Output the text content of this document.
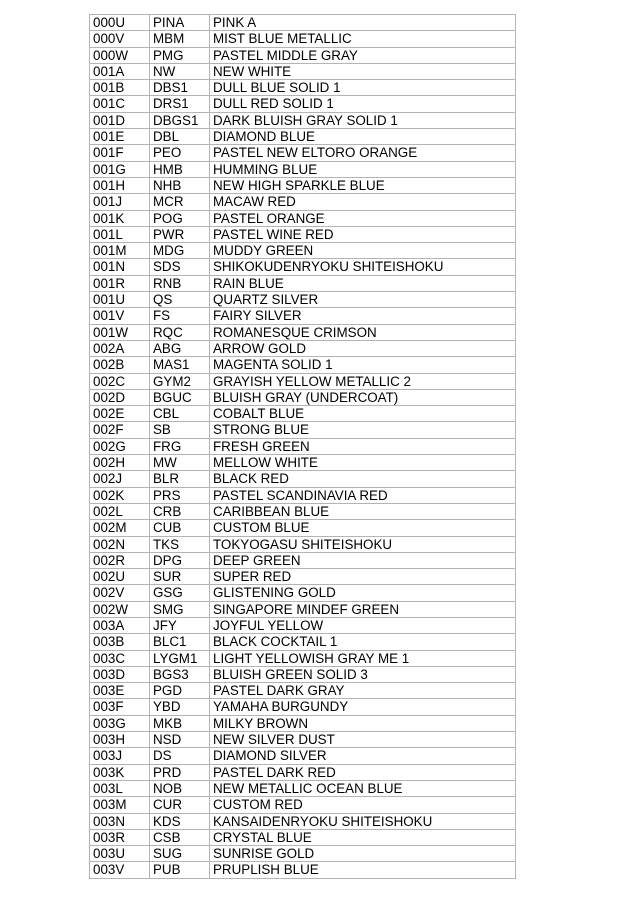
000U	PINA	PINK A
000V	MBM	MIST BLUE METALLIC
000W	PMG	PASTEL MIDDLE GRAY
001A	NW	NEW WHITE
001B	DBS1	DULL BLUE SOLID 1
001C	DRS1	DULL RED SOLID 1
001D	DBGS1	DARK BLUISH GRAY SOLID 1
001E	DBL	DIAMOND BLUE
001F	PEO	PASTEL NEW ELTORO ORANGE
001G	HMB	HUMMING BLUE
001H	NHB	NEW HIGH SPARKLE BLUE
001J	MCR	MACAW RED
001K	POG	PASTEL ORANGE
001L	PWR	PASTEL WINE RED
001M	MDG	MUDDY GREEN
001N	SDS	SHIKOKUDENRYOKU SHITEISHOKU
001R	RNB	RAIN BLUE
001U	QS	QUARTZ SILVER
001V	FS	FAIRY SILVER
001W	RQC	ROMANESQUE CRIMSON
002A	ABG	ARROW GOLD
002B	MAS1	MAGENTA SOLID 1
002C	GYM2	GRAYISH YELLOW METALLIC 2
002D	BGUC	BLUISH GRAY (UNDERCOAT)
002E	CBL	COBALT BLUE
002F	SB	STRONG BLUE
002G	FRG	FRESH GREEN
002H	MW	MELLOW WHITE
002J	BLR	BLACK RED
002K	PRS	PASTEL SCANDINAVIA RED
002L	CRB	CARIBBEAN BLUE
002M	CUB	CUSTOM BLUE
002N	TKS	TOKYOGASU SHITEISHOKU
002R	DPG	DEEP GREEN
002U	SUR	SUPER RED
002V	GSG	GLISTENING GOLD
002W	SMG	SINGAPORE MINDEF GREEN
003A	JFY	JOYFUL YELLOW
003B	BLC1	BLACK COCKTAIL 1
003C	LYGM1	LIGHT YELLOWISH GRAY ME 1
003D	BGS3	BLUISH GREEN SOLID 3
003E	PGD	PASTEL DARK GRAY
003F	YBD	YAMAHA BURGUNDY
003G	MKB	MILKY BROWN
003H	NSD	NEW SILVER DUST
003J	DS	DIAMOND SILVER
003K	PRD	PASTEL DARK RED
003L	NOB	NEW METALLIC OCEAN BLUE
003M	CUR	CUSTOM RED
003N	KDS	KANSAIDENRYOKU SHITEISHOKU
003R	CSB	CRYSTAL BLUE
003U	SUG	SUNRISE GOLD
003V	PUB	PRUPLISH BLUE
